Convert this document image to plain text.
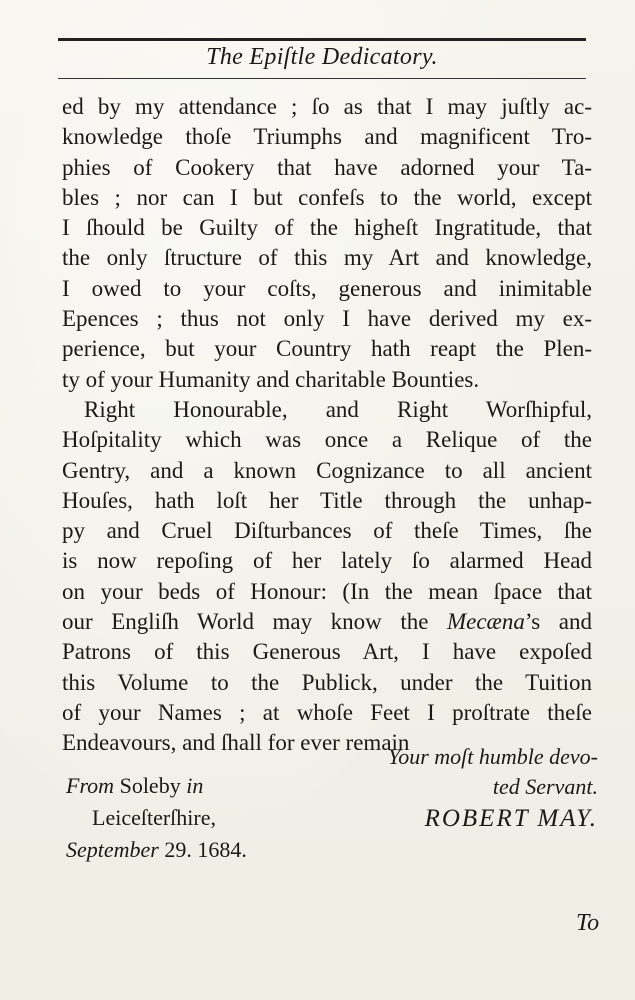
The Epiſtle Dedicatory.
ed by my attendance ; ſo as that I may juſtly ac-
knowledge thoſe Triumphs and magnificent Tro-
phies of Cookery that have adorned your Ta-
bles ; nor can I but confeſs to the world, except
I ſhould be Guilty of the higheſt Ingratitude, that
the only ſtructure of this my Art and knowledge,
I owed to your coſts, generous and inimitable
Epences ; thus not only I have derived my ex-
perience, but your Country hath reapt the Plen-
ty of your Humanity and charitable Bounties.
Right Honourable, and Right Worſhipful,
Hoſpitality which was once a Relique of the
Gentry, and a known Cognizance to all ancient
Houſes, hath loſt her Title through the unhap-
py and Cruel Diſturbances of theſe Times, ſhe
is now repoſing of her lately ſo alarmed Head
on your beds of Honour: (In the mean ſpace that
our Engliſh World may know the Mecæna’s and
Patrons of this Generous Art, I have expoſed
this Volume to the Publick, under the Tuition
of your Names ; at whoſe Feet I proſtrate theſe
Endeavours, and ſhall for ever remain
Your moſt humble devo-
ted Servant.
ROBERT MAY.
From Soleby in
Leiceſterſhire,
September 29. 1684.
To
